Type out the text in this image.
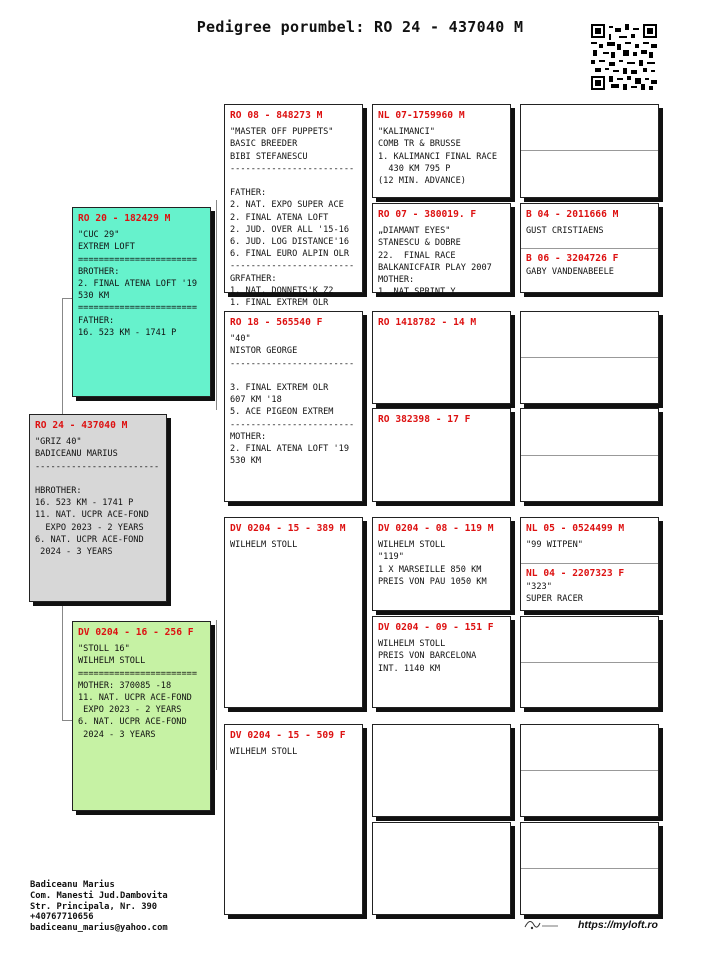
Pedigree porumbel: RO 24 - 437040 M
RO 24 - 437040 M
"GRIZ 40"
BADICEANU MARIUS
------------------------

HBROTHER:
16. 523 KM - 1741 P
11. NAT. UCPR ACE-FOND
EXPO 2023 - 2 YEARS
6. NAT. UCPR ACE-FOND
2024 - 3 YEARS
RO 20 - 182429 M
"CUC 29"
EXTREM LOFT
=======================
BROTHER:
2. FINAL ATENA LOFT '19
530 KM
=======================
FATHER:
16. 523 KM - 1741 P
DV 0204 - 16 - 256 F
"STOLL 16"
WILHELM STOLL
=======================
MOTHER: 370085 -18
11. NAT. UCPR ACE-FOND
EXPO 2023 - 2 YEARS
6. NAT. UCPR ACE-FOND
2024 - 3 YEARS
RO 08 - 848273 M
"MASTER OFF PUPPETS"
BASIC BREEDER
BIBI STEFANESCU
------------------------

FATHER:
2. NAT. EXPO SUPER ACE
2. FINAL ATENA LOFT
2. JUD. OVER ALL '15-16
6. JUD. LOG DISTANCE'16
6. FINAL EURO ALPIN OLR
------------------------
GRFATHER:
1. NAT. DONNETS'K Z2
1. FINAL EXTREM OLR
RO 18 - 565540 F
"40"
NISTOR GEORGE
------------------------

3. FINAL EXTREM OLR
607 KM '18
5. ACE PIGEON EXTREM
------------------------
MOTHER:
2. FINAL ATENA LOFT '19
530 KM
DV 0204 - 15 - 389 M
WILHELM STOLL
DV 0204 - 15 - 509 F
WILHELM STOLL
NL 07-1759960 M
"KALIMANCI"
COMB TR & BRUSSE
1. KALIMANCI FINAL RACE
430 KM 795 P
(12 MIN. ADVANCE)
RO 07 - 380019. F
„DIAMANT EYES"
STANESCU & DOBRE
22.  FINAL RACE
BALKANICFAIR PLAY 2007
MOTHER:
1. NAT SPRINT Y
RO 1418782 - 14 M
RO 382398 - 17 F
DV 0204 - 08 - 119 M
WILHELM STOLL
"119"
1 X MARSEILLE 850 KM
PREIS VON PAU 1050 KM
DV 0204 - 09 - 151 F
WILHELM STOLL
PREIS VON BARCELONA
INT. 1140 KM
B 04 - 2011666 M
GUST CRISTIAENS
B 06 - 3204726 F
GABY VANDENABEELE
NL 05 - 0524499 M
"99 WITPEN"
NL 04 - 2207323 F
"323"
SUPER RACER
Badiceanu Marius
Com. Manesti Jud.Dambovita
Str. Principala, Nr. 390
+40767710656
badiceanu_marius@yahoo.com	https://myloft.ro
